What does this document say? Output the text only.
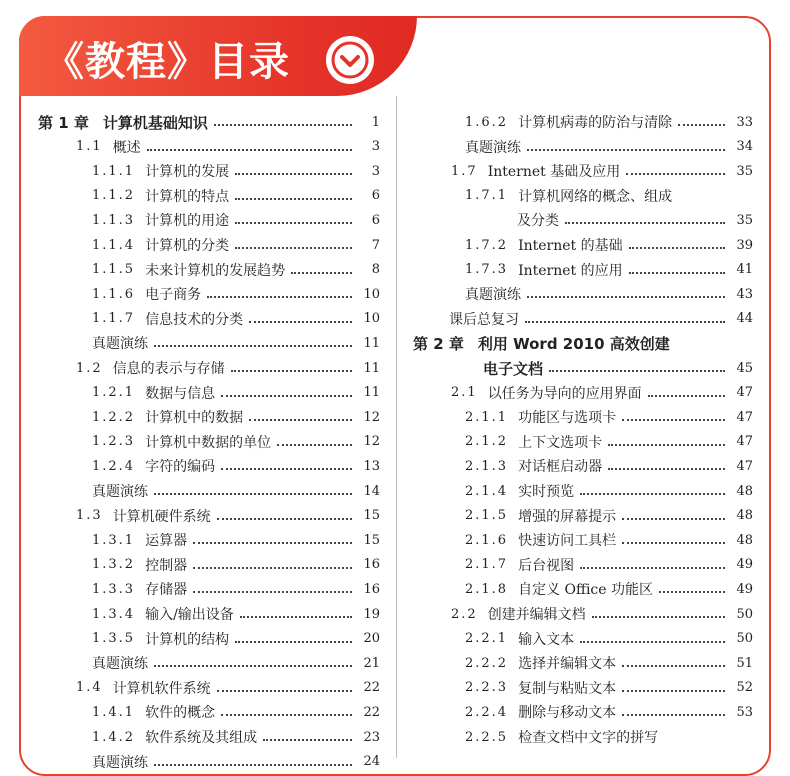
《教程》目录
第 1 章 计算机基础知识	1
1.1 概述	3
1.1.1 计算机的发展	3
1.1.2 计算机的特点	6
1.1.3 计算机的用途	6
1.1.4 计算机的分类	7
1.1.5 未来计算机的发展趋势	8
1.1.6 电子商务	10
1.1.7 信息技术的分类	10
真题演练	11
1.2 信息的表示与存储	11
1.2.1 数据与信息	11
1.2.2 计算机中的数据	12
1.2.3 计算机中数据的单位	12
1.2.4 字符的编码	13
真题演练	14
1.3 计算机硬件系统	15
1.3.1 运算器	15
1.3.2 控制器	16
1.3.3 存储器	16
1.3.4 输入/输出设备	19
1.3.5 计算机的结构	20
真题演练	21
1.4 计算机软件系统	22
1.4.1 软件的概念	22
1.4.2 软件系统及其组成	23
真题演练	24
1.6.2 计算机病毒的防治与清除	33
真题演练	34
1.7 Internet 基础及应用	35
1.7.1 计算机网络的概念、组成
及分类	35
1.7.2 Internet 的基础	39
1.7.3 Internet 的应用	41
真题演练	43
课后总复习	44
第 2 章 利用 Word 2010 高效创建
电子文档	45
2.1 以任务为导向的应用界面	47
2.1.1 功能区与选项卡	47
2.1.2 上下文选项卡	47
2.1.3 对话框启动器	47
2.1.4 实时预览	48
2.1.5 增强的屏幕提示	48
2.1.6 快速访问工具栏	48
2.1.7 后台视图	49
2.1.8 自定义 Office 功能区	49
2.2 创建并编辑文档	50
2.2.1 输入文本	50
2.2.2 选择并编辑文本	51
2.2.3 复制与粘贴文本	52
2.2.4 删除与移动文本	53
2.2.5 检查文档中文字的拼写
